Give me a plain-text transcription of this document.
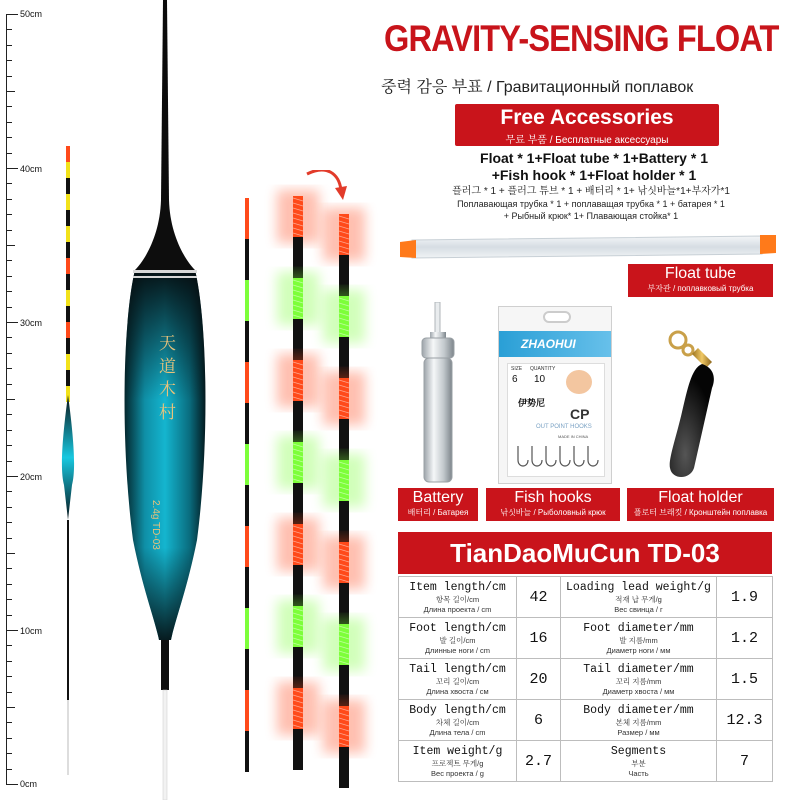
50cm
40cm
30cm
20cm
10cm
0cm
天道木村
2.4g TD-03
GRAVITY-SENSING FLOAT
중력 감응 부표 / Гравитационный поплавок
Free Accessories
무료 부품 / Бесплатные аксессуары
Float * 1+Float tube * 1+Battery * 1
+Fish hook * 1+Float holder * 1
플러그 * 1 + 플러그 튜브 * 1 + 배터리 * 1+ 낚싯바늘*1+부자가*1
Поплавающая трубка * 1 + поплаващая трубка * 1 + батарея * 1
+ Рыбный крюк* 1+ Плавающая стойка* 1
Float tube
부자관 / поплавковый трубка
ZHAOHUI
SIZE QUANTITY
6 10
伊势尼
CP
OUT POINT HOOKS
MADE IN CHINA
Battery
배터리 / Батарея
Fish hooks
낚싯바늘 / Рыболовный крюк
Float holder
플로터 브래킷 / Кронштейн поплавка
TianDaoMuCun TD-03
Item length/cm
항목 길이/cm
Длина проекта / cm	42	Loading lead weight/g
적재 납 무게/g
Вес свинца / г	1.9

Foot length/cm
발 길이/cm
Длинные ноги / cm	16	Foot diameter/mm
발 지름/mm
Диаметр ноги / мм	1.2

Tail length/cm
꼬리 길이/cm
Длина хвоста / см	20	Tail diameter/mm
꼬리 지름/mm
Диаметр хвоста / мм	1.5

Body length/cm
차체 길이/cm
Длина тела / cm	6	Body diameter/mm
본체 지름/mm
Размер / мм	12.3

Item weight/g
프로젝트 무게/g
Вес проекта / g	2.7	Segments
부분
Часть	7
